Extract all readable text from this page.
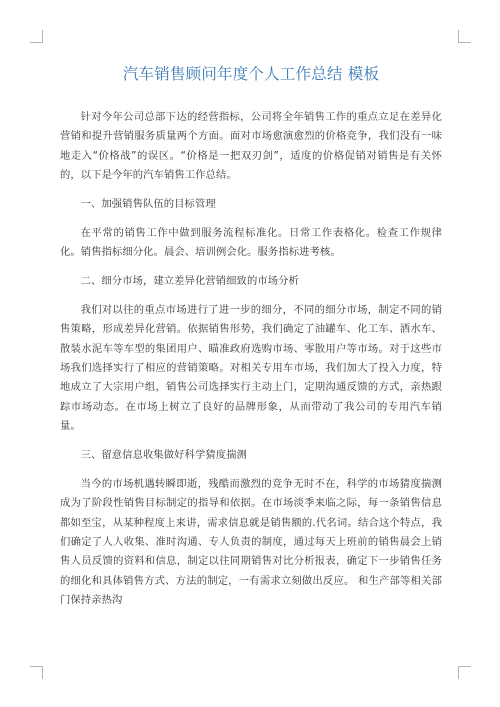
汽车销售顾问年度个人工作总结 模板

针对今年公司总部下达的经营指标，公司将全年销售工作的重点立足在差异化营销和提升营销服务质量两个方面。面对市场愈演愈烈的价格竞争，我们没有一味地走入“价格战”的误区。“价格是一把双刃剑”，适度的价格促销对销售是有关怀的，以下是今年的汽车销售工作总结。

一、加强销售队伍的目标管理

在平常的销售工作中做到服务流程标准化。日常工作表格化。检查工作规律化。销售指标细分化。晨会、培训例会化。服务指标进考核。

二、细分市场，建立差异化营销细致的市场分析

我们对以往的重点市场进行了进一步的细分，不同的细分市场，制定不同的销售策略，形成差异化营销。依据销售形势，我们确定了油罐车、化工车、洒水车、散装水泥车等车型的集团用户、瞄准政府选购市场、零散用户等市场。对于这些市场我们选择实行了相应的营销策略。对相关专用车市场，我们加大了投入力度，特地成立了大宗用户组，销售公司选择实行主动上门，定期沟通反馈的方式，亲热跟踪市场动态。在市场上树立了良好的品牌形象，从而带动了我公司的专用汽车销量。

三、留意信息收集做好科学猜度揣测

当今的市场机遇转瞬即逝，残酷而激烈的竞争无时不在，科学的市场猜度揣测成为了阶段性销售目标制定的指导和依据。在市场淡季来临之际，每一条销售信息都如至宝，从某种程度上来讲，需求信息就是销售额的.代名词。结合这个特点，我们确定了人人收集、准时沟通、专人负责的制度，通过每天上班前的销售晨会上销售人员反馈的资料和信息，制定以往同期销售对比分析报表，确定下一步销售任务的细化和具体销售方式、方法的制定，一有需求立刻做出反应。 和生产部等相关部门保持亲热沟
